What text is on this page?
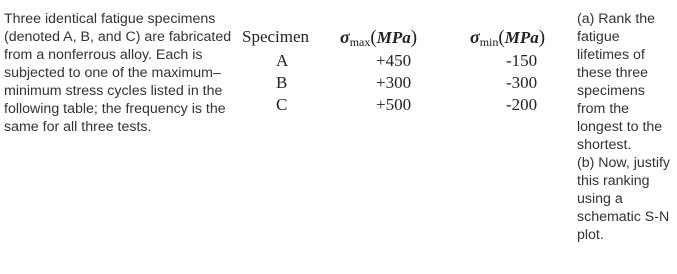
Three identical fatigue specimens (denoted A, B, and C) are fabricated from a nonferrous alloy. Each is subjected to one of the maximum–minimum stress cycles listed in the following table; the frequency is the same for all three tests.
Specimen $\sigma_{max}(MPa)$	$\sigma_{min}(MPa)$
A	+450	-150
B	+300	-300
C	+500	-200
(a) Rank the fatigue lifetimes of these three specimens from the longest to the shortest.
(b) Now, justify this ranking using a schematic S-N plot.
